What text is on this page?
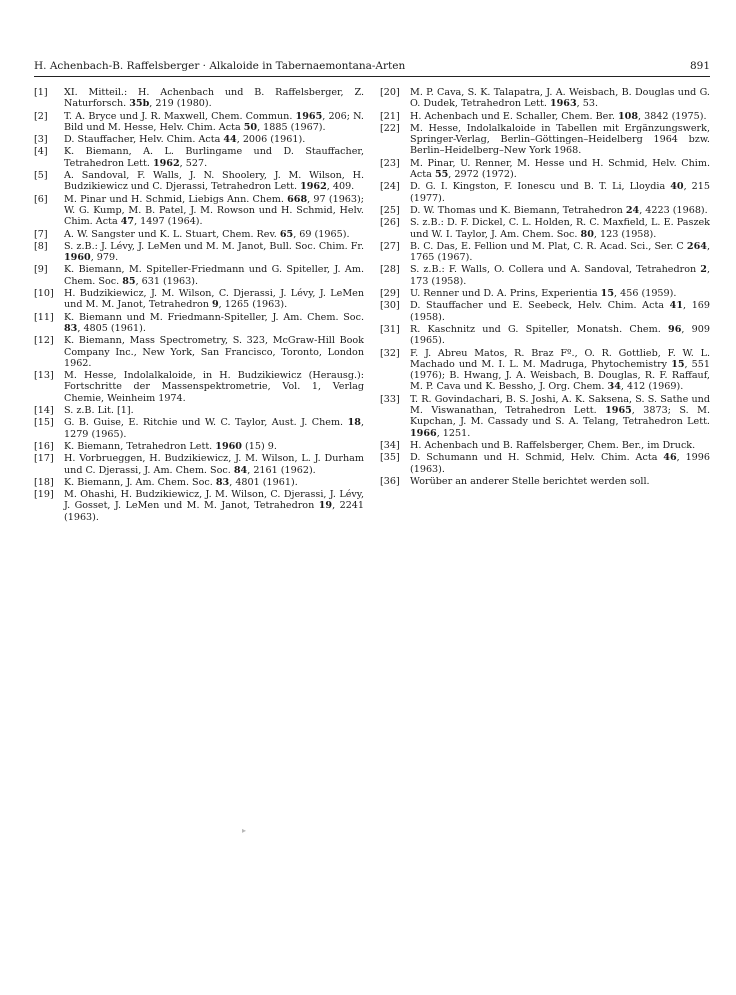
H. Achenbach-B. Raffelsberger · Alkaloide in Tabernaemontana-Arten	891
[1]	XI. Mitteil.: H. Achenbach und B. Raffelsberger, Z. Naturforsch. 35b, 219 (1980).
[2]	T. A. Bryce und J. R. Maxwell, Chem. Commun. 1965, 206; N. Bild und M. Hesse, Helv. Chim. Acta 50, 1885 (1967).
[3]	D. Stauffacher, Helv. Chim. Acta 44, 2006 (1961).
[4]	K. Biemann, A. L. Burlingame und D. Stauffacher, Tetrahedron Lett. 1962, 527.
[5]	A. Sandoval, F. Walls, J. N. Shoolery, J. M. Wilson, H. Budzikiewicz und C. Djerassi, Tetrahedron Lett. 1962, 409.
[6]	M. Pinar und H. Schmid, Liebigs Ann. Chem. 668, 97 (1963); W. G. Kump, M. B. Patel, J. M. Rowson und H. Schmid, Helv. Chim. Acta 47, 1497 (1964).
[7]	A. W. Sangster und K. L. Stuart, Chem. Rev. 65, 69 (1965).
[8]	S. z.B.: J. Lévy, J. LeMen und M. M. Janot, Bull. Soc. Chim. Fr. 1960, 979.
[9]	K. Biemann, M. Spiteller-Friedmann und G. Spiteller, J. Am. Chem. Soc. 85, 631 (1963).
[10]	H. Budzikiewicz, J. M. Wilson, C. Djerassi, J. Lévy, J. LeMen und M. M. Janot, Tetrahedron 9, 1265 (1963).
[11]	K. Biemann und M. Friedmann-Spiteller, J. Am. Chem. Soc. 83, 4805 (1961).
[12]	K. Biemann, Mass Spectrometry, S. 323, McGraw-Hill Book Company Inc., New York, San Francisco, Toronto, London 1962.
[13]	M. Hesse, Indolalkaloide, in H. Budzikiewicz (Herausg.): Fortschritte der Massenspektrometrie, Vol. 1, Verlag Chemie, Weinheim 1974.
[14]	S. z.B. Lit. [1].
[15]	G. B. Guise, E. Ritchie und W. C. Taylor, Aust. J. Chem. 18, 1279 (1965).
[16]	K. Biemann, Tetrahedron Lett. 1960 (15) 9.
[17]	H. Vorbrueggen, H. Budzikiewicz, J. M. Wilson, L. J. Durham und C. Djerassi, J. Am. Chem. Soc. 84, 2161 (1962).
[18]	K. Biemann, J. Am. Chem. Soc. 83, 4801 (1961).
[19]	M. Ohashi, H. Budzikiewicz, J. M. Wilson, C. Djerassi, J. Lévy, J. Gosset, J. LeMen und M. M. Janot, Tetrahedron 19, 2241 (1963).
[20]	M. P. Cava, S. K. Talapatra, J. A. Weisbach, B. Douglas und G. O. Dudek, Tetrahedron Lett. 1963, 53.
[21]	H. Achenbach und E. Schaller, Chem. Ber. 108, 3842 (1975).
[22]	M. Hesse, Indolalkaloide in Tabellen mit Ergänzungswerk, Springer-Verlag, Berlin–Göttingen–Heidelberg 1964 bzw. Berlin–Heidelberg–New York 1968.
[23]	M. Pinar, U. Renner, M. Hesse und H. Schmid, Helv. Chim. Acta 55, 2972 (1972).
[24]	D. G. I. Kingston, F. Ionescu und B. T. Li, Lloydia 40, 215 (1977).
[25]	D. W. Thomas und K. Biemann, Tetrahedron 24, 4223 (1968).
[26]	S. z.B.: D. F. Dickel, C. L. Holden, R. C. Maxfield, L. E. Paszek und W. I. Taylor, J. Am. Chem. Soc. 80, 123 (1958).
[27]	B. C. Das, E. Fellion und M. Plat, C. R. Acad. Sci., Ser. C 264, 1765 (1967).
[28]	S. z.B.: F. Walls, O. Collera und A. Sandoval, Tetrahedron 2, 173 (1958).
[29]	U. Renner und D. A. Prins, Experientia 15, 456 (1959).
[30]	D. Stauffacher und E. Seebeck, Helv. Chim. Acta 41, 169 (1958).
[31]	R. Kaschnitz und G. Spiteller, Monatsh. Chem. 96, 909 (1965).
[32]	F. J. Abreu Matos, R. Braz Fº., O. R. Gottlieb, F. W. L. Machado und M. I. L. M. Madruga, Phytochemistry 15, 551 (1976); B. Hwang, J. A. Weisbach, B. Douglas, R. F. Raffauf, M. P. Cava und K. Bessho, J. Org. Chem. 34, 412 (1969).
[33]	T. R. Govindachari, B. S. Joshi, A. K. Saksena, S. S. Sathe und M. Viswanathan, Tetrahedron Lett. 1965, 3873; S. M. Kupchan, J. M. Cassady und S. A. Telang, Tetrahedron Lett. 1966, 1251.
[34]	H. Achenbach und B. Raffelsberger, Chem. Ber., im Druck.
[35]	D. Schumann und H. Schmid, Helv. Chim. Acta 46, 1996 (1963).
[36]	Worüber an anderer Stelle berichtet werden soll.
▸
